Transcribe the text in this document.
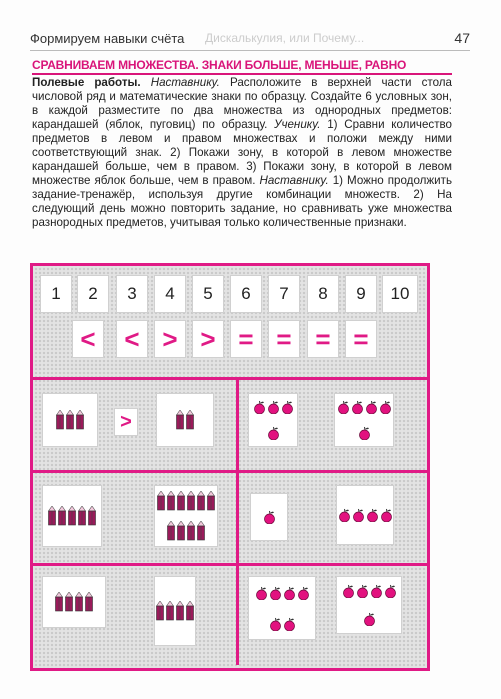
Формируем навыки счёта Дискалькулия, или Почему...	47
СРАВНИВАЕМ МНОЖЕСТВА. ЗНАКИ БОЛЬШЕ, МЕНЬШЕ, РАВНО
Полевые работы. Наставнику. Расположите в верхней части стола числовой ряд и математические знаки по образцу. Создайте 6 условных зон, в каждой разместите по два множества из однородных предметов: карандашей (яблок, пуговиц) по образцу. Ученику. 1) Сравни количество предметов в левом и правом множествах и положи между ними соответствующий знак. 2) Покажи зону, в которой в левом множестве карандашей больше, чем в правом. 3) Покажи зону, в которой в левом множестве яблок больше, чем в правом. Наставнику. 1) Можно продолжить задание-тренажёр, используя другие комбинации множеств. 2) На следующий день можно повторить задание, но сравнивать уже множества разнородных предметов, учитывая только количественные признаки.
1	2	3	4	5	6	7	8	9	10
<	< > > = = = =
>
